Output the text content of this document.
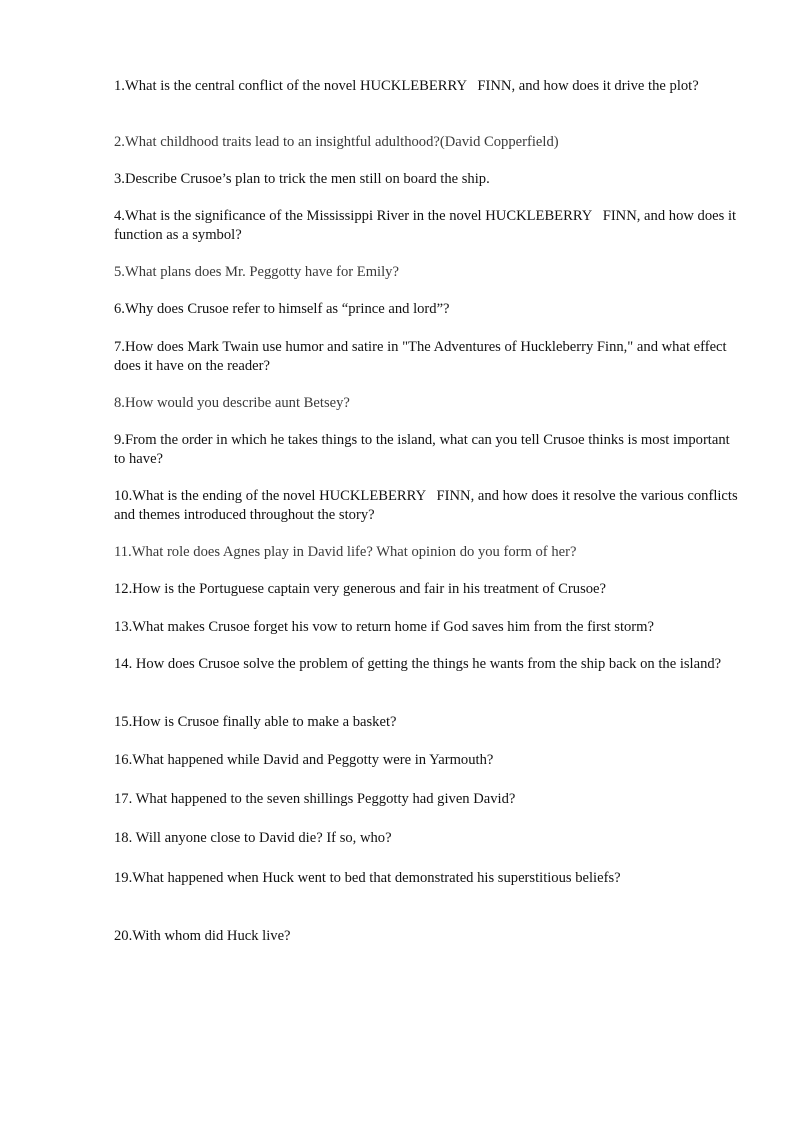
1.What is the central conflict of the novel HUCKLEBERRY   FINN, and how does it drive the plot?

2.What childhood traits lead to an insightful adulthood?(David Copperfield)

3.Describe Crusoe’s plan to trick the men still on board the ship.

4.What is the significance of the Mississippi River in the novel HUCKLEBERRY   FINN, and how does it function as a symbol?

5.What plans does Mr. Peggotty have for Emily?

6.Why does Crusoe refer to himself as “prince and lord”?

7.How does Mark Twain use humor and satire in "The Adventures of Huckleberry Finn," and what effect does it have on the reader?

8.How would you describe aunt Betsey?

9.From the order in which he takes things to the island, what can you tell Crusoe thinks is most important to have?

10.What is the ending of the novel HUCKLEBERRY   FINN, and how does it resolve the various conflicts and themes introduced throughout the story?

11.What role does Agnes play in David life? What opinion do you form of her?

12.How is the Portuguese captain very generous and fair in his treatment of Crusoe?

13.What makes Crusoe forget his vow to return home if God saves him from the first storm?

14. How does Crusoe solve the problem of getting the things he wants from the ship back on the island?

15.How is Crusoe finally able to make a basket?

16.What happened while David and Peggotty were in Yarmouth?

17. What happened to the seven shillings Peggotty had given David?

18. Will anyone close to David die? If so, who?

19.What happened when Huck went to bed that demonstrated his superstitious beliefs?

20.With whom did Huck live?
